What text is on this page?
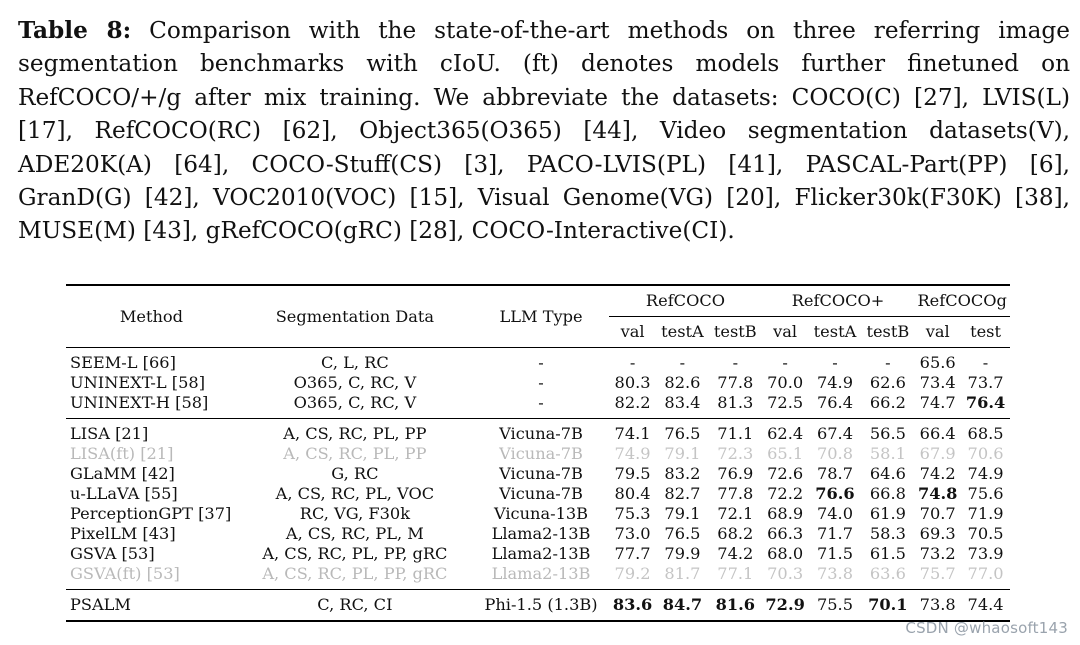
Table 8: Comparison with the state-of-the-art methods on three referring image segmentation benchmarks with cIoU. (ft) denotes models further finetuned on RefCOCO/+/g after mix training. We abbreviate the datasets: COCO(C) [27], LVIS(L) [17], RefCOCO(RC) [62], Object365(O365) [44], Video segmentation datasets(V), ADE20K(A) [64], COCO-Stuff(CS) [3], PACO-LVIS(PL) [41], PASCAL-Part(PP) [6], GranD(G) [42], VOC2010(VOC) [15], Visual Genome(VG) [20], Flicker30k(F30K) [38], MUSE(M) [43], gRefCOCO(gRC) [28], COCO-Interactive(CI).

Method	Segmentation Data	LLM Type	RefCOCO			RefCOCO+			RefCOCOg	
			val	testA	testB	val	testA	testB	val	test

SEEM-L [66]	C, L, RC	-	-	-	-	-	-	-	65.6	-
UNINEXT-L [58]	O365, C, RC, V	-	80.3	82.6	77.8	70.0	74.9	62.6	73.4	73.7
UNINEXT-H [58]	O365, C, RC, V	-	82.2	83.4	81.3	72.5	76.4	66.2	74.7	76.4

LISA [21]	A, CS, RC, PL, PP	Vicuna-7B	74.1	76.5	71.1	62.4	67.4	56.5	66.4	68.5
LISA(ft) [21]	A, CS, RC, PL, PP	Vicuna-7B	74.9	79.1	72.3	65.1	70.8	58.1	67.9	70.6
GLaMM [42]	G, RC	Vicuna-7B	79.5	83.2	76.9	72.6	78.7	64.6	74.2	74.9
u-LLaVA [55]	A, CS, RC, PL, VOC	Vicuna-7B	80.4	82.7	77.8	72.2	76.6	66.8	74.8	75.6
PerceptionGPT [37]	RC, VG, F30k	Vicuna-13B	75.3	79.1	72.1	68.9	74.0	61.9	70.7	71.9
PixelLM [43]	A, CS, RC, PL, M	Llama2-13B	73.0	76.5	68.2	66.3	71.7	58.3	69.3	70.5
GSVA [53]	A, CS, RC, PL, PP, gRC	Llama2-13B	77.7	79.9	74.2	68.0	71.5	61.5	73.2	73.9
GSVA(ft) [53]	A, CS, RC, PL, PP, gRC	Llama2-13B	79.2	81.7	77.1	70.3	73.8	63.6	75.7	77.0

PSALM	C, RC, CI	Phi-1.5 (1.3B)	83.6	84.7	81.6	72.9	75.5	70.1	73.8	74.4

CSDN @whaosoft143
